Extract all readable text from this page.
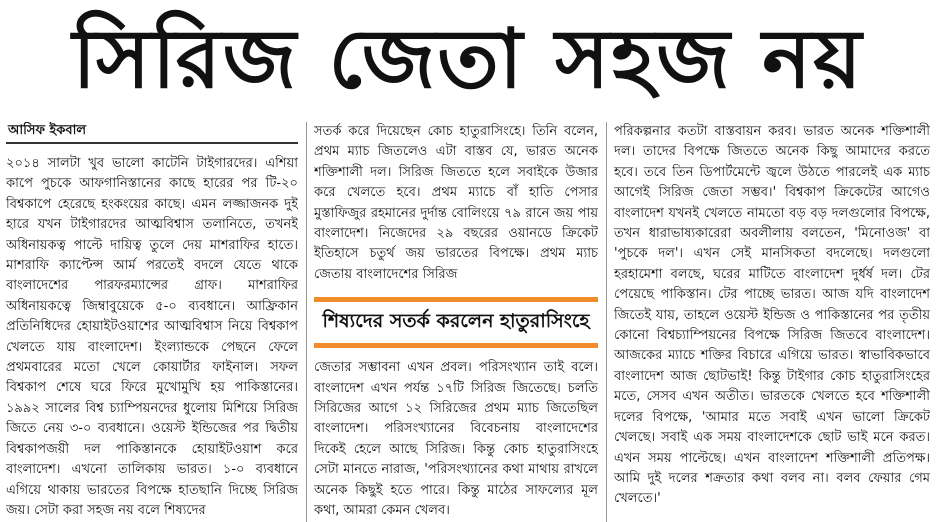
সিরিজ জেতা সহজ নয়
আসিফ ইকবাল

২০১৪ সালটা খুব ভালো কাটেনি টাইগারদের। এশিয়া কাপে পুচকে আফগানিস্তানের কাছে হারের পর টি-২০ বিশ্বকাপে হেরেছে হংকংয়ের কাছে। এমন লজ্জাজনক দুই হারে যখন টাইগারদের আত্মবিশ্বাস তলানিতে, তখনই অধিনায়কত্ব পাল্টে দায়িত্ব তুলে দেয় মাশরাফির হাতে। মাশরাফি ক্যাপ্টেন্স আর্ম পরতেই বদলে যেতে থাকে বাংলাদেশের পারফরম্যান্সের গ্রাফ। মাশরাফির অধিনায়কত্বে জিম্বাবুয়েকে ৫-০ ব্যবধানে। আফ্রিকান প্রতিনিধিদের হোয়াইটওয়াশের আত্মবিশ্বাস নিয়ে বিশ্বকাপ খেলতে যায় বাংলাদেশ। ইংল্যান্ডকে পেছনে ফেলে প্রথমবারের মতো খেলে কোয়ার্টার ফাইনাল। সফল বিশ্বকাপ শেষে ঘরে ফিরে মুখোমুখি হয় পাকিস্তানের। ১৯৯২ সালের বিশ্ব চ্যাম্পিয়নদের ধুলোয় মিশিয়ে সিরিজ জিতে নেয় ৩-০ ব্যবধানে। ওয়েস্ট ইন্ডিজের পর দ্বিতীয় বিশ্বকাপজয়ী দল পাকিস্তানকে হোয়াইটওয়াশ করে বাংলাদেশ। এখনো তালিকায় ভারত। ১-০ ব্যবধানে এগিয়ে থাকায় ভারতের বিপক্ষে হাতছানি দিচ্ছে সিরিজ জয়। সেটা করা সহজ নয় বলে শিষ্যদের

সতর্ক করে দিয়েছেন কোচ হাতুরাসিংহে। তিনি বলেন, প্রথম ম্যাচ জিতলেও এটা বাস্তব যে, ভারত অনেক শক্তিশালী দল। সিরিজ জিততে হলে সবাইকে উজার করে খেলতে হবে। প্রথম ম্যাচে বাঁ হাতি পেসার মুস্তাফিজুর রহমানের দুর্দান্ত বোলিংয়ে ৭৯ রানে জয় পায় বাংলাদেশ। নিজেদের ২৯ বছরের ওয়ানডে ক্রিকেট ইতিহাসে চতুর্থ জয় ভারতের বিপক্ষে। প্রথম ম্যাচ জেতায় বাংলাদেশের সিরিজ

শিষ্যদের সতর্ক করলেন হাতুরাসিংহে

জেতার সম্ভাবনা এখন প্রবল। পরিসংখ্যান তাই বলে। বাংলাদেশ এখন পর্যন্ত ১৭টি সিরিজ জিতেছে। চলতি সিরিজের আগে ১২ সিরিজের প্রথম ম্যাচ জিতেছিল বাংলাদেশ। পরিসংখ্যানের বিবেচনায় বাংলাদেশের দিকেই হেলে আছে সিরিজ। কিন্তু কোচ হাতুরাসিংহে সেটা মানতে নারাজ, 'পরিসংখ্যানের কথা মাথায় রাখলে অনেক কিছুই হতে পারে। কিন্তু মাঠের সাফল্যের মূল কথা, আমরা কেমন খেলব।

পরিকল্পনার কতটা বাস্তবায়ন করব। ভারত অনেক শক্তিশালী দল। তাদের বিপক্ষে জিততে অনেক কিছু আমাদের করতে হবে। তবে তিন ডিপার্টমেন্টে জ্বলে উঠতে পারলেই এক ম্যাচ আগেই সিরিজ জেতা সম্ভব।' বিশ্বকাপ ক্রিকেটের আগেও বাংলাদেশ যখনই খেলতে নামতো বড় বড় দলগুলোর বিপক্ষে, তখন ধারাভাষ্যকারেরা অবলীলায় বলতেন, 'মিনোওজ' বা 'পুচকে দল'। এখন সেই মানসিকতা বদলেছে। দলগুলো হরহামেশা বলছে, ঘরের মাটিতে বাংলাদেশ দুর্ধর্ষ দল। টের পেয়েছে পাকিস্তান। টের পাচ্ছে ভারত। আজ যদি বাংলাদেশ জিতেই যায়, তাহলে ওয়েস্ট ইন্ডিজ ও পাকিস্তানের পর তৃতীয় কোনো বিশ্বচ্যাম্পিয়নের বিপক্ষে সিরিজ জিতবে বাংলাদেশ। আজকের ম্যাচে শক্তির বিচারে এগিয়ে ভারত। স্বাভাবিকভাবে বাংলাদেশ আজ ছোটভাই! কিন্তু টাইগার কোচ হাতুরাসিংহের মতে, সেসব এখন অতীত। ভারতকে খেলতে হবে শক্তিশালী দলের বিপক্ষে, 'আমার মতে সবাই এখন ভালো ক্রিকেট খেলছে। সবাই এক সময় বাংলাদেশকে ছোট ভাই মনে করত। এখন সময় পাল্টেছে। এখন বাংলাদেশ শক্তিশালী প্রতিপক্ষ। আমি দুই দলের শক্রতার কথা বলব না। বলব ফেয়ার গেম খেলতে।'
